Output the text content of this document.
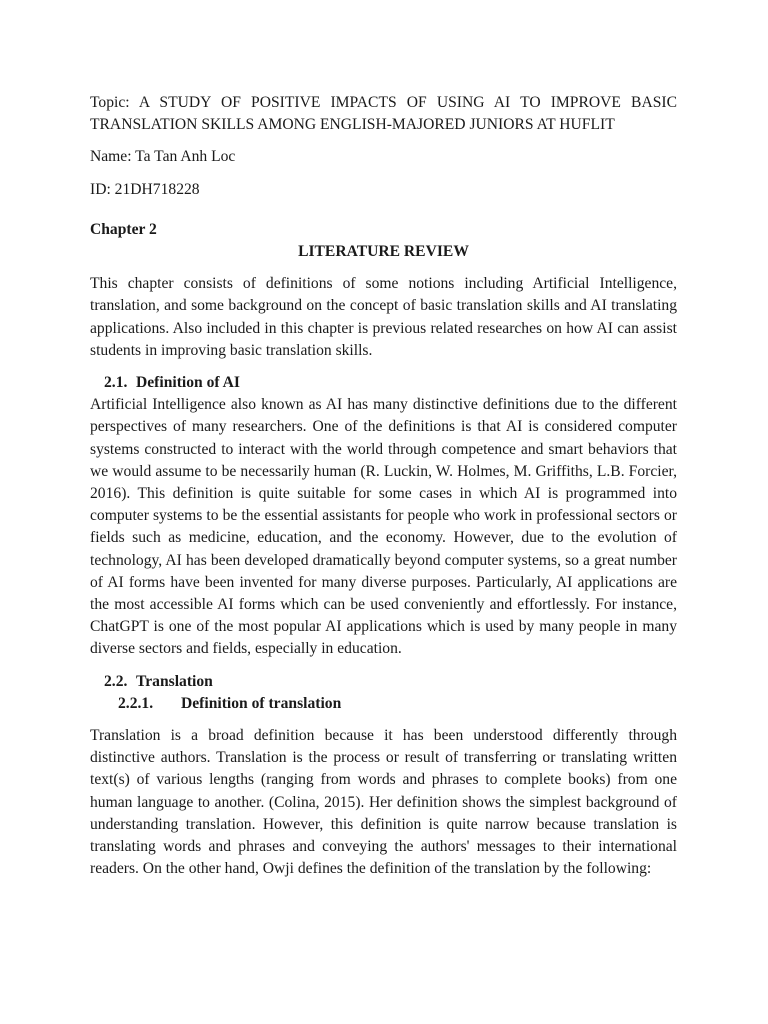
Topic: A STUDY OF POSITIVE IMPACTS OF USING AI TO IMPROVE BASIC TRANSLATION SKILLS AMONG ENGLISH-MAJORED JUNIORS AT HUFLIT

Name: Ta Tan Anh Loc

ID: 21DH718228

Chapter 2

LITERATURE REVIEW

This chapter consists of definitions of some notions including Artificial Intelligence, translation, and some background on the concept of basic translation skills and AI translating applications. Also included in this chapter is previous related researches on how AI can assist students in improving basic translation skills.

2.1. Definition of AI

Artificial Intelligence also known as AI has many distinctive definitions due to the different perspectives of many researchers. One of the definitions is that AI is considered computer systems constructed to interact with the world through competence and smart behaviors that we would assume to be necessarily human (R. Luckin, W. Holmes, M. Griffiths, L.B. Forcier, 2016). This definition is quite suitable for some cases in which AI is programmed into computer systems to be the essential assistants for people who work in professional sectors or fields such as medicine, education, and the economy. However, due to the evolution of technology, AI has been developed dramatically beyond computer systems, so a great number of AI forms have been invented for many diverse purposes. Particularly, AI applications are the most accessible AI forms which can be used conveniently and effortlessly. For instance, ChatGPT is one of the most popular AI applications which is used by many people in many diverse sectors and fields, especially in education.

2.2. Translation

2.2.1. Definition of translation

Translation is a broad definition because it has been understood differently through distinctive authors. Translation is the process or result of transferring or translating written text(s) of various lengths (ranging from words and phrases to complete books) from one human language to another. (Colina, 2015). Her definition shows the simplest background of understanding translation. However, this definition is quite narrow because translation is translating words and phrases and conveying the authors' messages to their international readers. On the other hand, Owji defines the definition of the translation by the following:
